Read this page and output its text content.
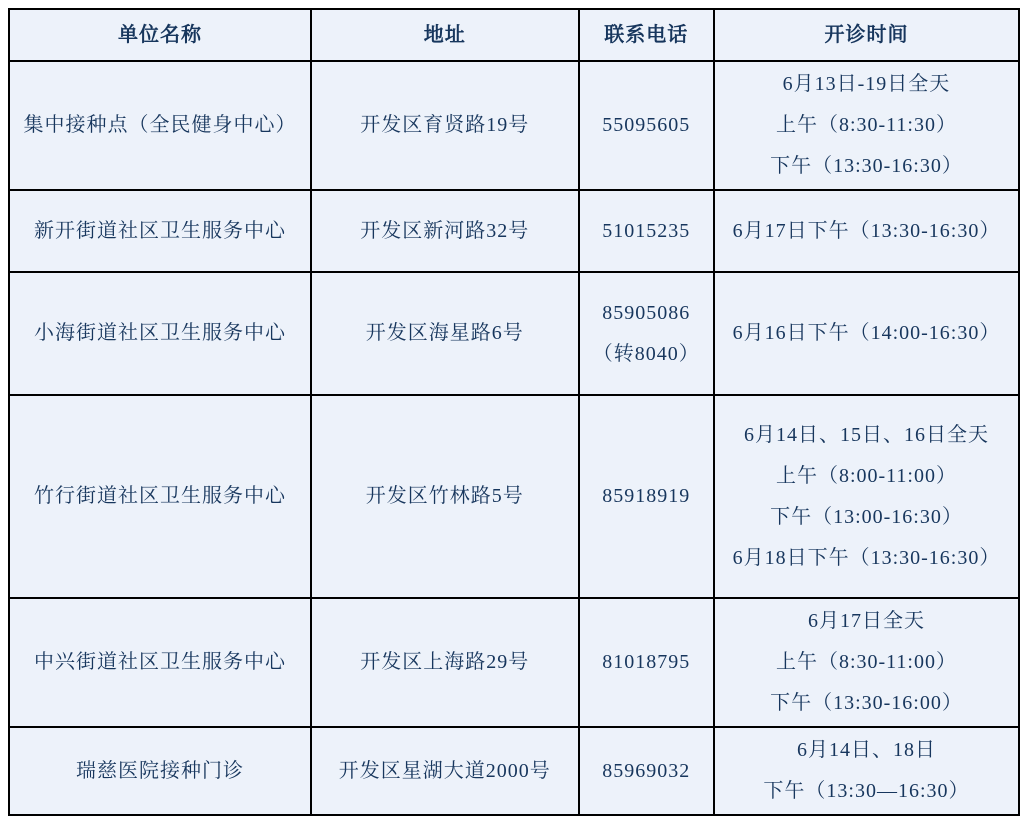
单位名称	地址	联系电话	开诊时间
集中接种点（全民健身中心）	开发区育贤路19号	55095605	6月13日-19日全天
上午（8:30-11:30）
下午（13:30-16:30）

新开街道社区卫生服务中心	开发区新河路32号	51015235	6月17日下午（13:30-16:30）

小海街道社区卫生服务中心	开发区海星路6号	85905086（转8040）	6月16日下午（14:00-16:30）

竹行街道社区卫生服务中心	开发区竹林路5号	85918919	6月14日、15日、16日全天
上午（8:00-11:00）
下午（13:00-16:30）
6月18日下午（13:30-16:30）

中兴街道社区卫生服务中心	开发区上海路29号	81018795	6月17日全天
上午（8:30-11:00）
下午（13:30-16:00）

瑞慈医院接种门诊	开发区星湖大道2000号	85969032	6月14日、18日
下午（13:30—16:30）
